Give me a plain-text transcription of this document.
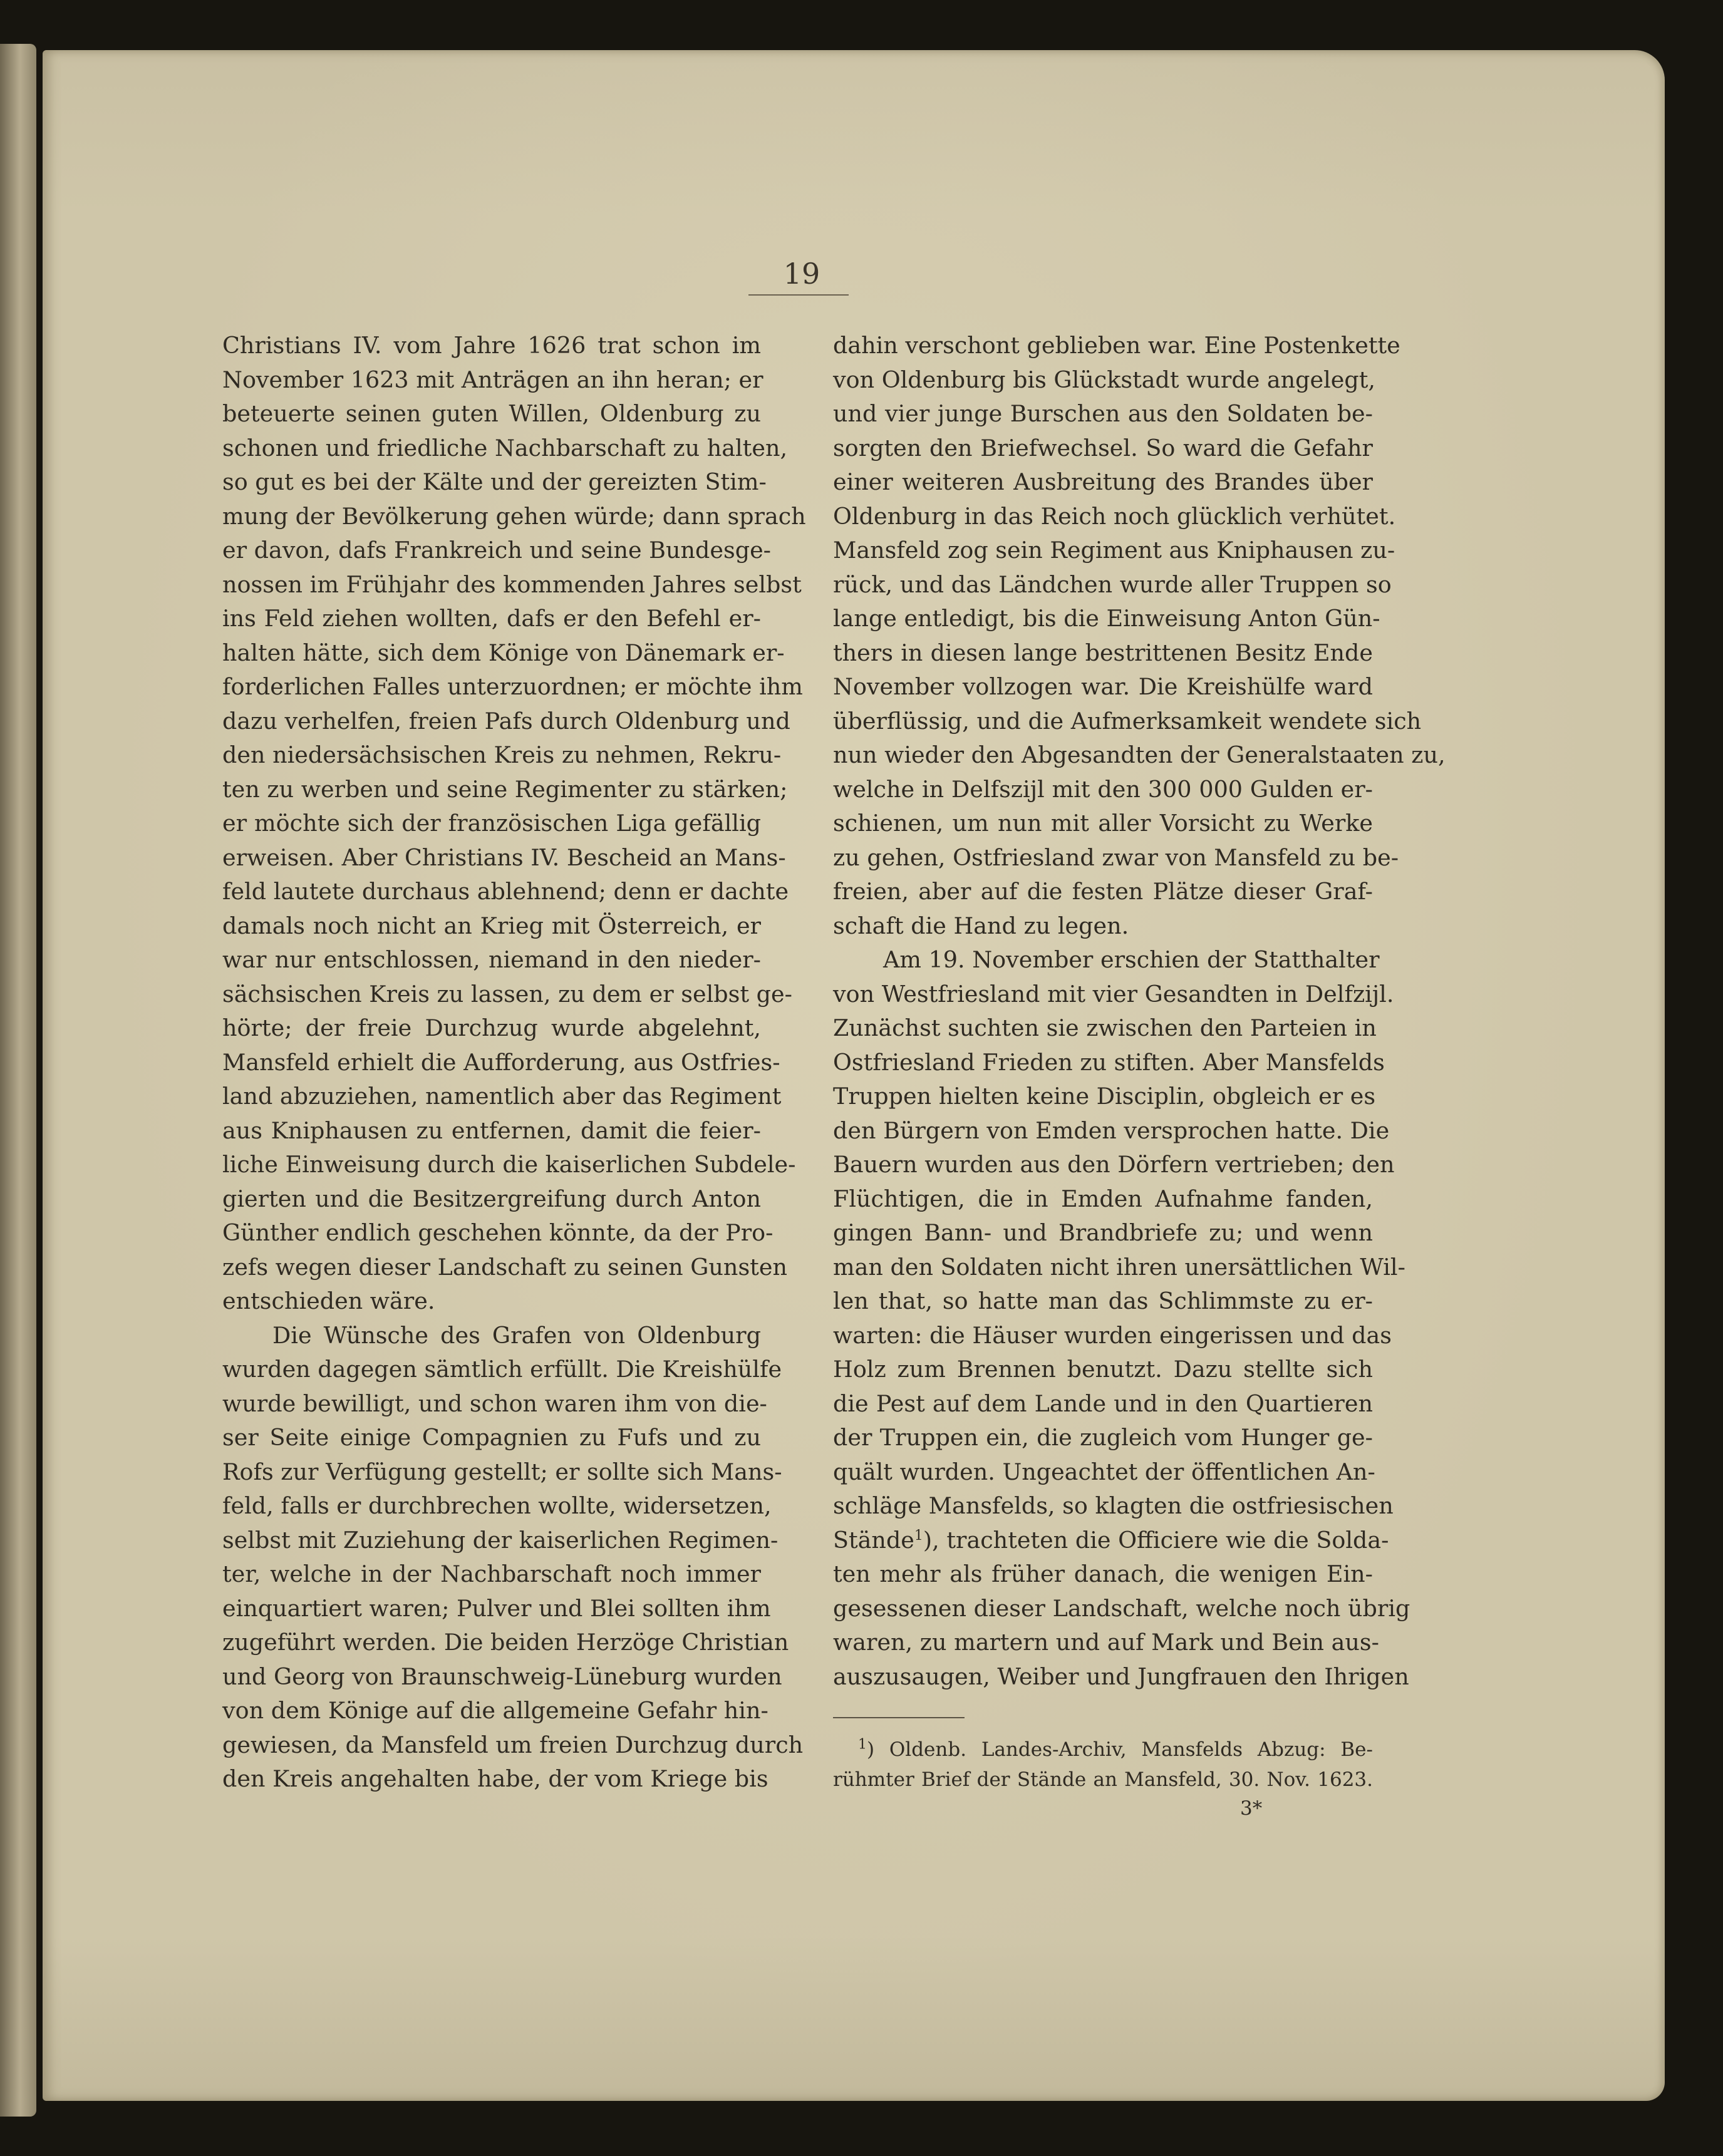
19
Christians IV. vom Jahre 1626 trat schon im
November 1623 mit Anträgen an ihn heran; er
beteuerte seinen guten Willen, Oldenburg zu
schonen und friedliche Nachbarschaft zu halten,
so gut es bei der Kälte und der gereizten Stim-
mung der Bevölkerung gehen würde; dann sprach
er davon, dafs Frankreich und seine Bundesge-
nossen im Frühjahr des kommenden Jahres selbst
ins Feld ziehen wollten, dafs er den Befehl er-
halten hätte, sich dem Könige von Dänemark er-
forderlichen Falles unterzuordnen; er möchte ihm
dazu verhelfen, freien Pafs durch Oldenburg und
den niedersächsischen Kreis zu nehmen, Rekru-
ten zu werben und seine Regimenter zu stärken;
er möchte sich der französischen Liga gefällig
erweisen. Aber Christians IV. Bescheid an Mans-
feld lautete durchaus ablehnend; denn er dachte
damals noch nicht an Krieg mit Österreich, er
war nur entschlossen, niemand in den nieder-
sächsischen Kreis zu lassen, zu dem er selbst ge-
hörte; der freie Durchzug wurde abgelehnt,
Mansfeld erhielt die Aufforderung, aus Ostfries-
land abzuziehen, namentlich aber das Regiment
aus Kniphausen zu entfernen, damit die feier-
liche Einweisung durch die kaiserlichen Subdele-
gierten und die Besitzergreifung durch Anton
Günther endlich geschehen könnte, da der Pro-
zefs wegen dieser Landschaft zu seinen Gunsten
entschieden wäre.
Die Wünsche des Grafen von Oldenburg
wurden dagegen sämtlich erfüllt. Die Kreishülfe
wurde bewilligt, und schon waren ihm von die-
ser Seite einige Compagnien zu Fufs und zu
Rofs zur Verfügung gestellt; er sollte sich Mans-
feld, falls er durchbrechen wollte, widersetzen,
selbst mit Zuziehung der kaiserlichen Regimen-
ter, welche in der Nachbarschaft noch immer
einquartiert waren; Pulver und Blei sollten ihm
zugeführt werden. Die beiden Herzöge Christian
und Georg von Braunschweig-Lüneburg wurden
von dem Könige auf die allgemeine Gefahr hin-
gewiesen, da Mansfeld um freien Durchzug durch
den Kreis angehalten habe, der vom Kriege bis
dahin verschont geblieben war. Eine Postenkette
von Oldenburg bis Glückstadt wurde angelegt,
und vier junge Burschen aus den Soldaten be-
sorgten den Briefwechsel. So ward die Gefahr
einer weiteren Ausbreitung des Brandes über
Oldenburg in das Reich noch glücklich verhütet.
Mansfeld zog sein Regiment aus Kniphausen zu-
rück, und das Ländchen wurde aller Truppen so
lange entledigt, bis die Einweisung Anton Gün-
thers in diesen lange bestrittenen Besitz Ende
November vollzogen war. Die Kreishülfe ward
überflüssig, und die Aufmerksamkeit wendete sich
nun wieder den Abgesandten der Generalstaaten zu,
welche in Delfszijl mit den 300 000 Gulden er-
schienen, um nun mit aller Vorsicht zu Werke
zu gehen, Ostfriesland zwar von Mansfeld zu be-
freien, aber auf die festen Plätze dieser Graf-
schaft die Hand zu legen.
Am 19. November erschien der Statthalter
von Westfriesland mit vier Gesandten in Delfzijl.
Zunächst suchten sie zwischen den Parteien in
Ostfriesland Frieden zu stiften. Aber Mansfelds
Truppen hielten keine Disciplin, obgleich er es
den Bürgern von Emden versprochen hatte. Die
Bauern wurden aus den Dörfern vertrieben; den
Flüchtigen, die in Emden Aufnahme fanden,
gingen Bann- und Brandbriefe zu; und wenn
man den Soldaten nicht ihren unersättlichen Wil-
len that, so hatte man das Schlimmste zu er-
warten: die Häuser wurden eingerissen und das
Holz zum Brennen benutzt. Dazu stellte sich
die Pest auf dem Lande und in den Quartieren
der Truppen ein, die zugleich vom Hunger ge-
quält wurden. Ungeachtet der öffentlichen An-
schläge Mansfelds, so klagten die ostfriesischen
Stände$^1$), trachteten die Officiere wie die Solda-
ten mehr als früher danach, die wenigen Ein-
gesessenen dieser Landschaft, welche noch übrig
waren, zu martern und auf Mark und Bein aus-
auszusaugen, Weiber und Jungfrauen den Ihrigen
$^1$) Oldenb. Landes-Archiv, Mansfelds Abzug: Be-
rühmter Brief der Stände an Mansfeld, 30. Nov. 1623.
3*
